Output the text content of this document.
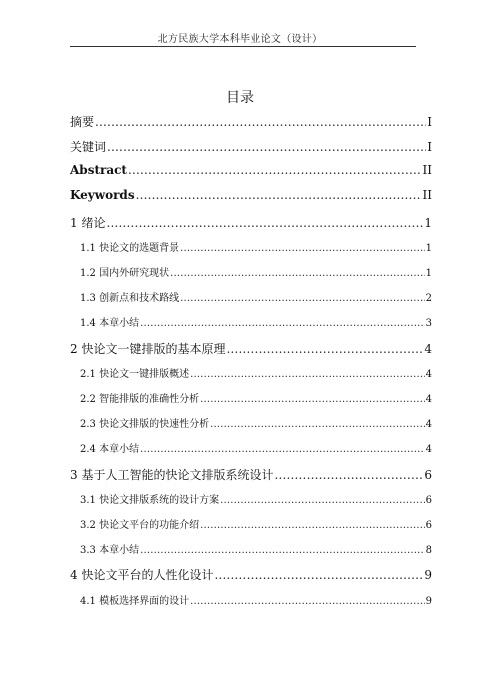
北方民族大学本科毕业论文（设计）
目录
摘要 .....	I
关键词 .....	I
Abstract .....	II
Keywords .....	II
1 绪论 .....	1
1.1 快论文的选题背景 .....	1
1.2 国内外研究现状 .....	1
1.3 创新点和技术路线 .....	2
1.4 本章小结 .....	3
2 快论文一键排版的基本原理 .....	4
2.1 快论文一键排版概述 .....	4
2.2 智能排版的准确性分析 .....	4
2.3 快论文排版的快速性分析 .....	4
2.4 本章小结 .....	4
3 基于人工智能的快论文排版系统设计 .....	6
3.1 快论文排版系统的设计方案 .....	6
3.2 快论文平台的功能介绍 .....	6
3.3 本章小结 .....	8
4 快论文平台的人性化设计 .....	9
4.1 模板选择界面的设计 .....	9
